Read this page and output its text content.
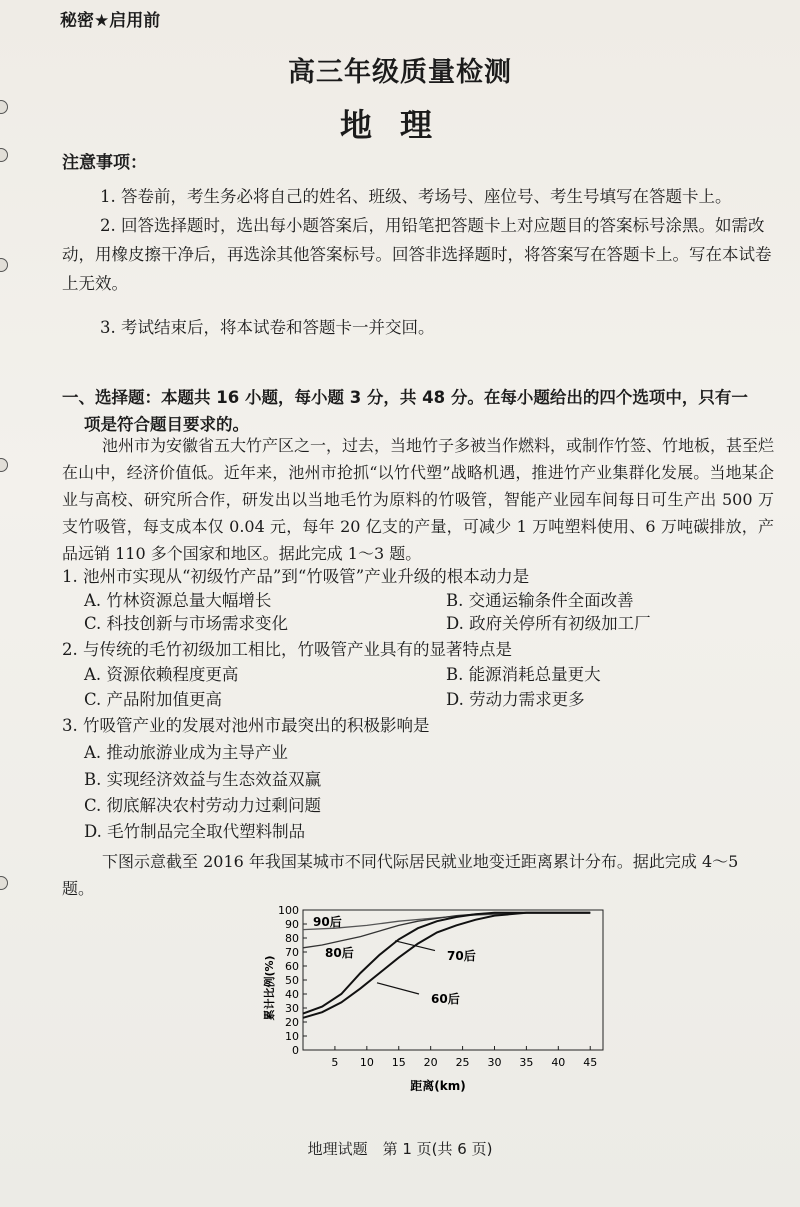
秘密★启用前
高三年级质量检测
地理
注意事项：
1. 答卷前，考生务必将自己的姓名、班级、考场号、座位号、考生号填写在答题卡上。
2. 回答选择题时，选出每小题答案后，用铅笔把答题卡上对应题目的答案标号涂黑。如需改动，用橡皮擦干净后，再选涂其他答案标号。回答非选择题时，将答案写在答题卡上。写在本试卷上无效。
3. 考试结束后，将本试卷和答题卡一并交回。
一、选择题：本题共 16 小题，每小题 3 分，共 48 分。在每小题给出的四个选项中，只有一
项是符合题目要求的。
池州市为安徽省五大竹产区之一，过去，当地竹子多被当作燃料，或制作竹签、竹地板，甚至烂在山中，经济价值低。近年来，池州市抢抓“以竹代塑”战略机遇，推进竹产业集群化发展。当地某企业与高校、研究所合作，研发出以当地毛竹为原料的竹吸管，智能产业园车间每日可生产出 500 万支竹吸管，每支成本仅 0.04 元，每年 20 亿支的产量，可减少 1 万吨塑料使用、6 万吨碳排放，产品远销 110 多个国家和地区。据此完成 1～3 题。
1. 池州市实现从“初级竹产品”到“竹吸管”产业升级的根本动力是
A. 竹林资源总量大幅增长	B. 交通运输条件全面改善
C. 科技创新与市场需求变化	D. 政府关停所有初级加工厂
2. 与传统的毛竹初级加工相比，竹吸管产业具有的显著特点是
A. 资源依赖程度更高	B. 能源消耗总量更大
C. 产品附加值更高	D. 劳动力需求更多
3. 竹吸管产业的发展对池州市最突出的积极影响是
A. 推动旅游业成为主导产业
B. 实现经济效益与生态效益双赢
C. 彻底解决农村劳动力过剩问题
D. 毛竹制品完全取代塑料制品
下图示意截至 2016 年我国某城市不同代际居民就业地变迁距离累计分布。据此完成 4～5 题。
0
10
20
30
40
50
60
70
80
90
100
5 10 15 20 25 30 35 40 45
90后
80后	70后
60后
累计比例(%)
距离(km)
地理试题　第 1 页(共 6 页)
